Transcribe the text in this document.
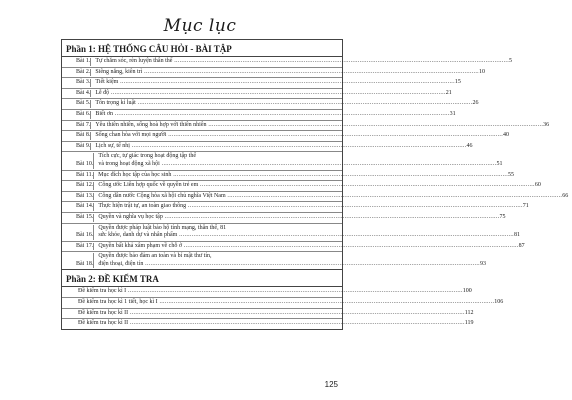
Mục lục
Phần 1: HỆ THỐNG CÂU HỎI - BÀI TẬP
Bài 1. Tự chăm sóc, rèn luyện thân thể .....	5
Bài 2. Siêng năng, kiên trì .....	10
Bài 3. Tiết kiệm .....	15
Bài 4. Lễ độ .....	21
Bài 5. Tôn trọng kỉ luật .....	26
Bài 6. Biết ơn .....	31
Bài 7. Yêu thiên nhiên, sống hoà hợp với thiên nhiên .....	36
Bài 8. Sống chan hòa với mọi người .....	40
Bài 9. Lịch sự, tế nhị .....	46
Bài 10.
Tích cực, tự giác trong hoạt động tập thể
và trong hoạt động xã hội .....	51
Bài 11. Mục đích học tập của học sinh .....	55
Bài 12. Công ước Liên hợp quốc về quyền trẻ em .....	60
Bài 13. Công dân nước Cộng hòa xã hội chủ nghĩa Việt Nam .....	66
Bài 14. Thực hiện trật tự, an toàn giao thông .....	71
Bài 15. Quyền và nghĩa vụ học tập .....	75
Bài 16.
Quyền được pháp luật bảo hộ tính mạng, thân thể, 81
sức khỏe, danh dự và nhân phẩm .....	81
Bài 17. Quyền bất khả xâm phạm về chỗ ở .....	87
Bài 18.
Quyền được bảo đảm an toàn và bí mật thư tín,
điện thoại, điện tín .....	93
Phần 2: ĐỀ KIỂM TRA
Đề kiểm tra học kì I .....	100
Đề kiểm tra học kì 1 tiết, học kì I .....	106
Đề kiểm tra học kì II .....	112
Đề kiểm tra học kì II .....	119
125
